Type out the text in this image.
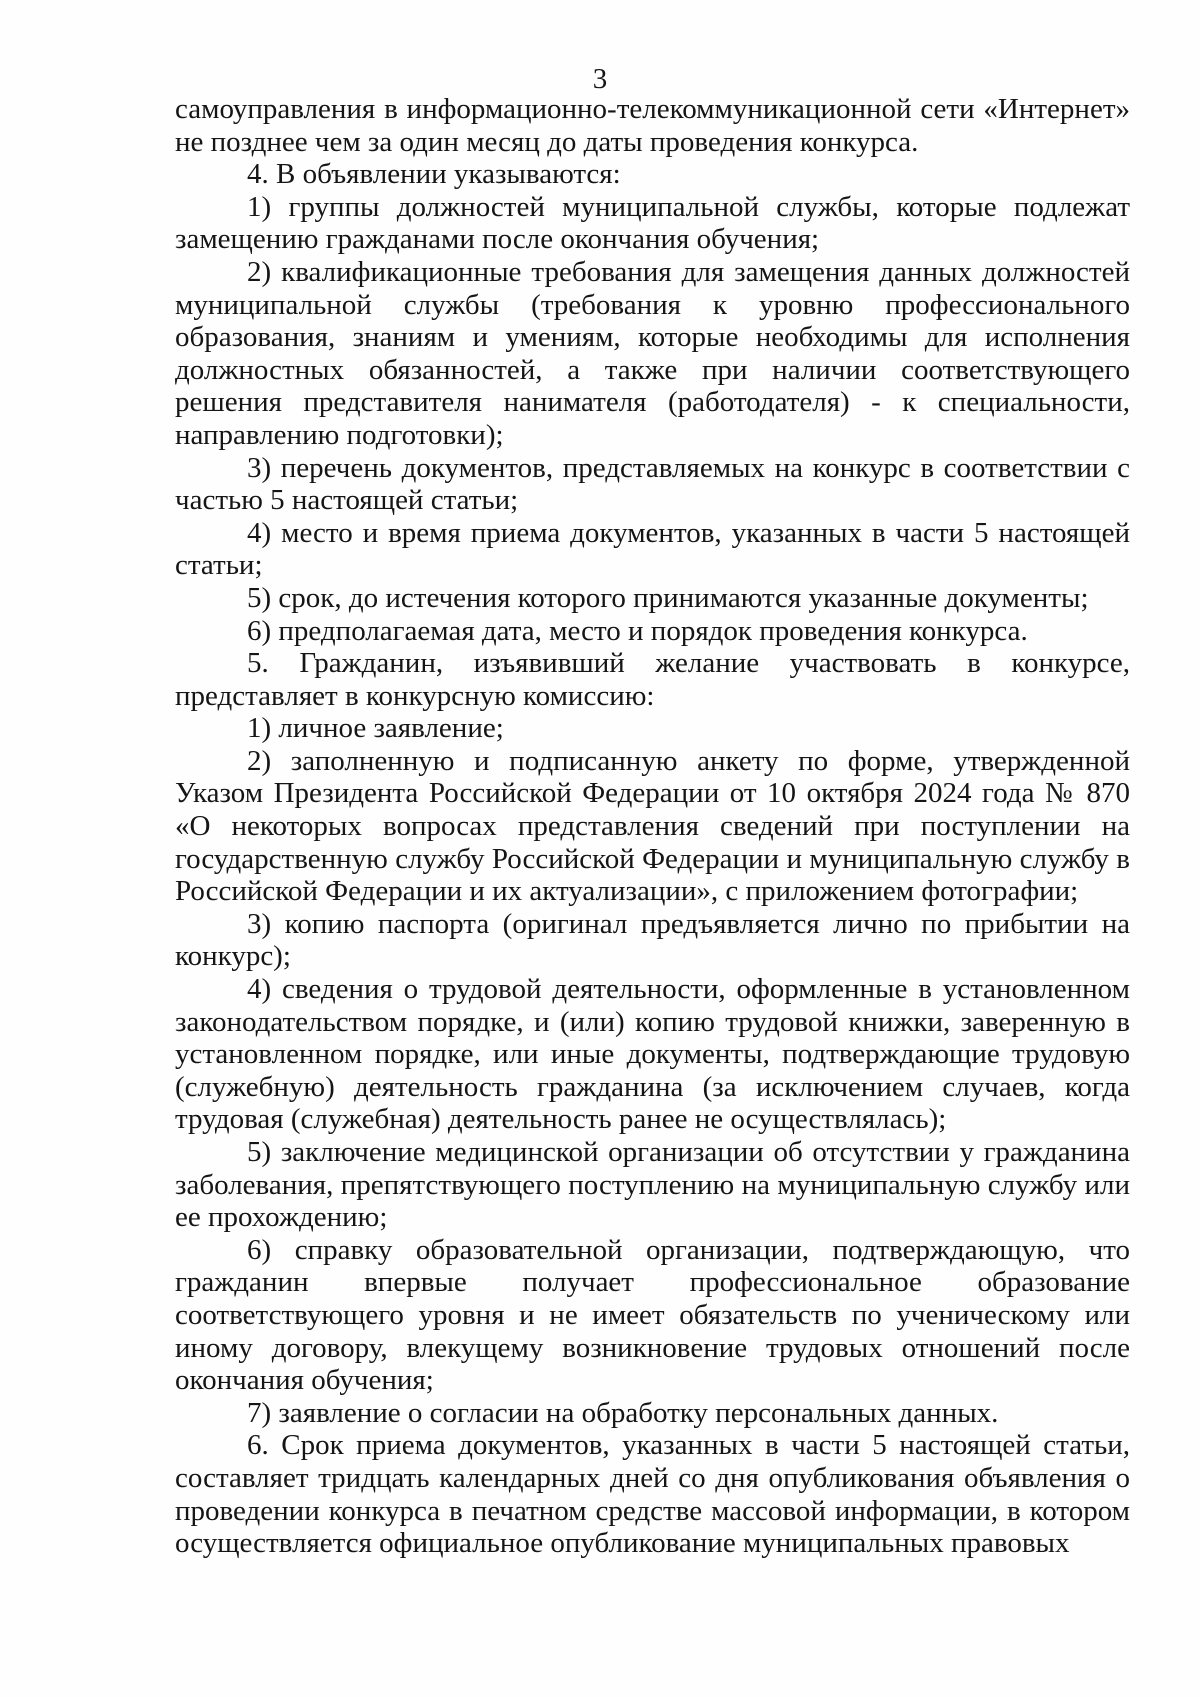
3

самоуправления в информационно-телекоммуникационной сети «Интернет» не позднее чем за один месяц до даты проведения конкурса.

4. В объявлении указываются:

1) группы должностей муниципальной службы, которые подлежат замещению гражданами после окончания обучения;

2) квалификационные требования для замещения данных должностей муниципальной службы (требования к уровню профессионального образования, знаниям и умениям, которые необходимы для исполнения должностных обязанностей, а также при наличии соответствующего решения представителя нанимателя (работодателя) - к специальности, направлению подготовки);

3) перечень документов, представляемых на конкурс в соответствии с частью 5 настоящей статьи;

4) место и время приема документов, указанных в части 5 настоящей статьи;

5) срок, до истечения которого принимаются указанные документы;

6) предполагаемая дата, место и порядок проведения конкурса.

5. Гражданин, изъявивший желание участвовать в конкурсе, представляет в конкурсную комиссию:

1) личное заявление;

2) заполненную и подписанную анкету по форме, утвержденной Указом Президента Российской Федерации от 10 октября 2024 года № 870 «О некоторых вопросах представления сведений при поступлении на государственную службу Российской Федерации и муниципальную службу в Российской Федерации и их актуализации», с приложением фотографии;

3) копию паспорта (оригинал предъявляется лично по прибытии на конкурс);

4) сведения о трудовой деятельности, оформленные в установленном законодательством порядке, и (или) копию трудовой книжки, заверенную в установленном порядке, или иные документы, подтверждающие трудовую (служебную) деятельность гражданина (за исключением случаев, когда трудовая (служебная) деятельность ранее не осуществлялась);

5) заключение медицинской организации об отсутствии у гражданина заболевания, препятствующего поступлению на муниципальную службу или ее прохождению;

6) справку образовательной организации, подтверждающую, что гражданин впервые получает профессиональное образование соответствующего уровня и не имеет обязательств по ученическому или иному договору, влекущему возникновение трудовых отношений после окончания обучения;

7) заявление о согласии на обработку персональных данных.

6. Срок приема документов, указанных в части 5 настоящей статьи, составляет тридцать календарных дней со дня опубликования объявления о проведении конкурса в печатном средстве массовой информации, в котором осуществляется официальное опубликование муниципальных правовых
